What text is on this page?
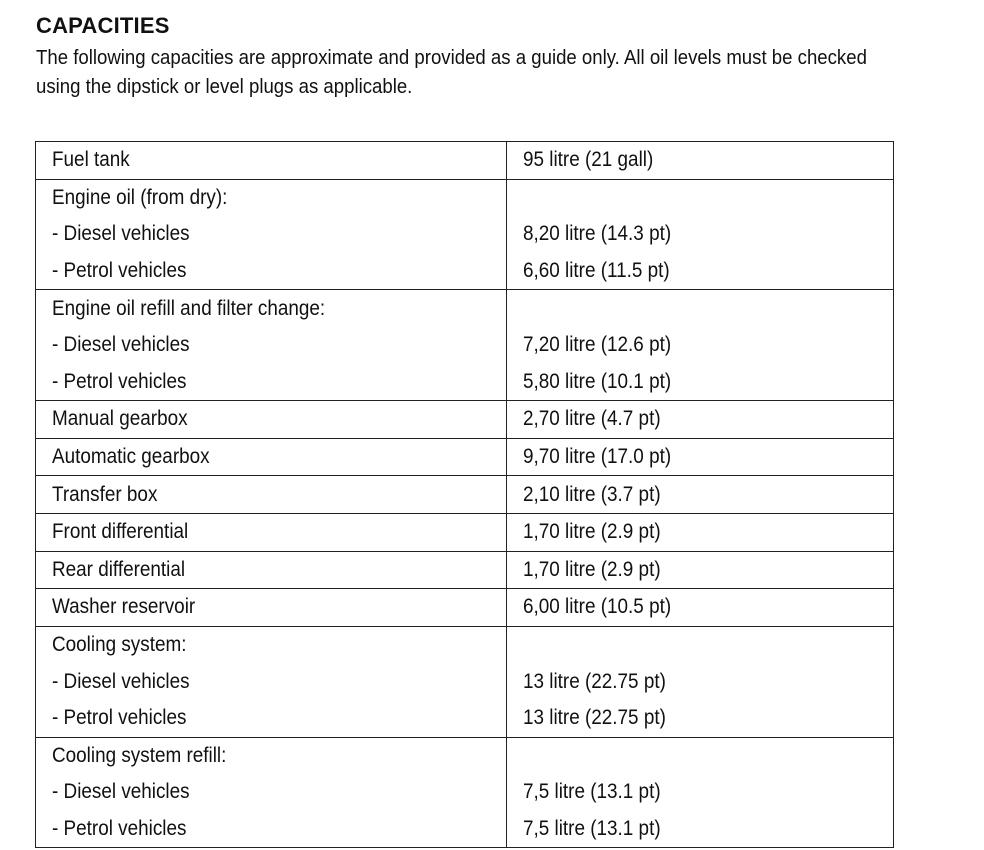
CAPACITIES

The following capacities are approximate and provided as a guide only. All oil levels must be checked using the dipstick or level plugs as applicable.

Fuel tank	95 litre (21 gall)
Engine oil (from dry):	
- Diesel vehicles	8,20 litre (14.3 pt)
- Petrol vehicles	6,60 litre (11.5 pt)
Engine oil refill and filter change:	
- Diesel vehicles	7,20 litre (12.6 pt)
- Petrol vehicles	5,80 litre (10.1 pt)
Manual gearbox	2,70 litre (4.7 pt)
Automatic gearbox	9,70 litre (17.0 pt)
Transfer box	2,10 litre (3.7 pt)
Front differential	1,70 litre (2.9 pt)
Rear differential	1,70 litre (2.9 pt)
Washer reservoir	6,00 litre (10.5 pt)
Cooling system:	
- Diesel vehicles	13 litre (22.75 pt)
- Petrol vehicles	13 litre (22.75 pt)
Cooling system refill:	
- Diesel vehicles	7,5 litre (13.1 pt)
- Petrol vehicles	7,5 litre (13.1 pt)
